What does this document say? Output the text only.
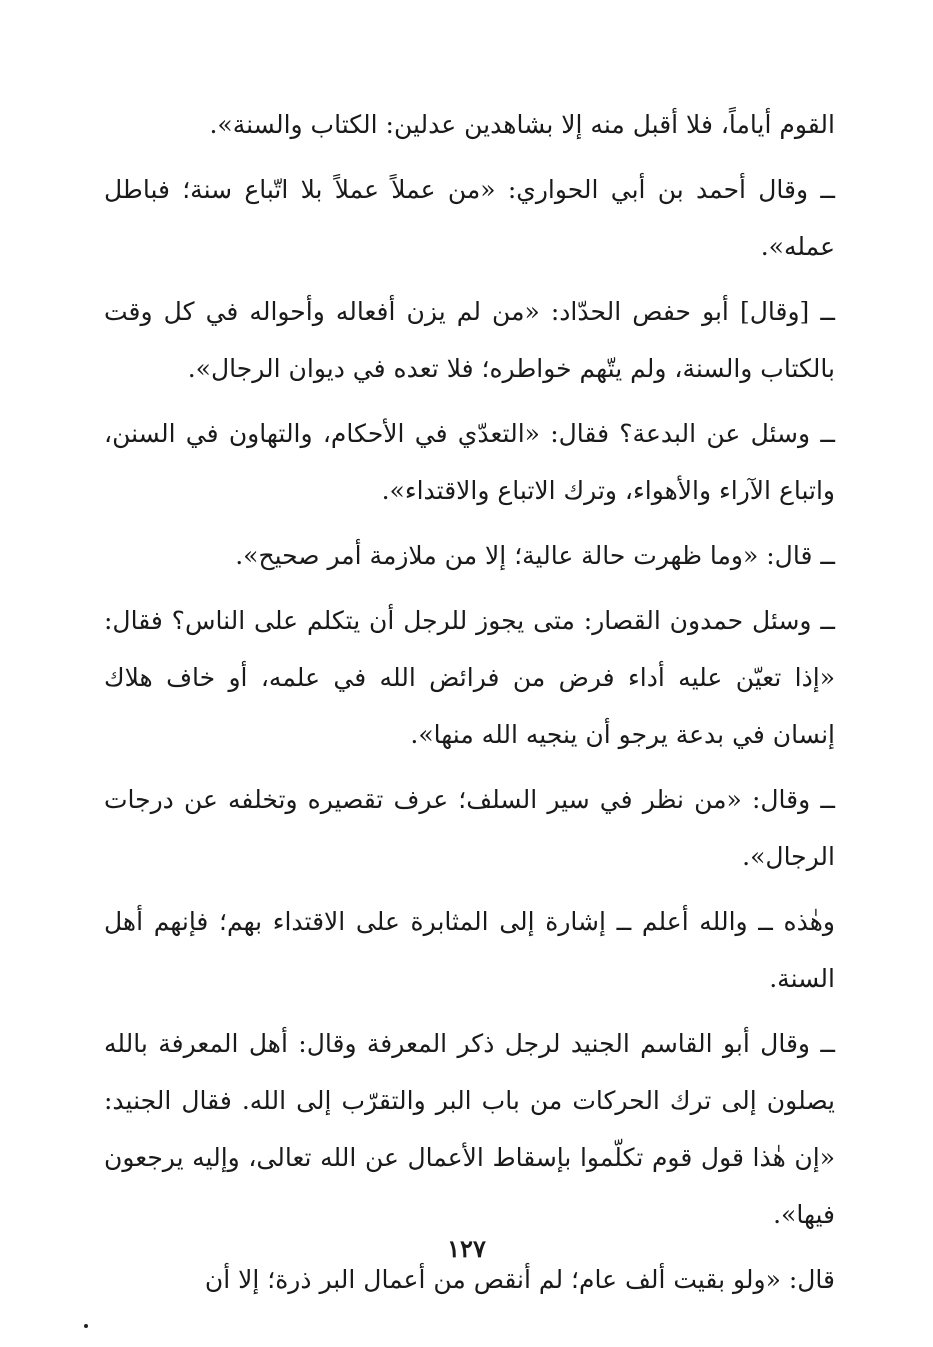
القوم أياماً، فلا أقبل منه إلا بشاهدين عدلين: الكتاب والسنة».

ــ وقال أحمد بن أبي الحواري: «من عملاً عملاً بلا اتّباع سنة؛ فباطل عمله».

ــ [وقال] أبو حفص الحدّاد: «من لم يزن أفعاله وأحواله في كل وقت بالكتاب والسنة، ولم يتّهم خواطره؛ فلا تعده في ديوان الرجال».

ــ وسئل عن البدعة؟ فقال: «التعدّي في الأحكام، والتهاون في السنن، واتباع الآراء والأهواء، وترك الاتباع والاقتداء».

ــ قال: «وما ظهرت حالة عالية؛ إلا من ملازمة أمر صحيح».

ــ وسئل حمدون القصار: متى يجوز للرجل أن يتكلم على الناس؟ فقال: «إذا تعيّن عليه أداء فرض من فرائض الله في علمه، أو خاف هلاك إنسان في بدعة يرجو أن ينجيه الله منها».

ــ وقال: «من نظر في سير السلف؛ عرف تقصيره وتخلفه عن درجات الرجال».

وهٰذه ــ والله أعلم ــ إشارة إلى المثابرة على الاقتداء بهم؛ فإنهم أهل السنة.

ــ وقال أبو القاسم الجنيد لرجل ذكر المعرفة وقال: أهل المعرفة بالله يصلون إلى ترك الحركات من باب البر والتقرّب إلى الله. فقال الجنيد: «إن هٰذا قول قوم تكلّموا بإسقاط الأعمال عن الله تعالى، وإليه يرجعون فيها».

قال: «ولو بقيت ألف عام؛ لم أنقص من أعمال البر ذرة؛ إلا أن

١٢٧
